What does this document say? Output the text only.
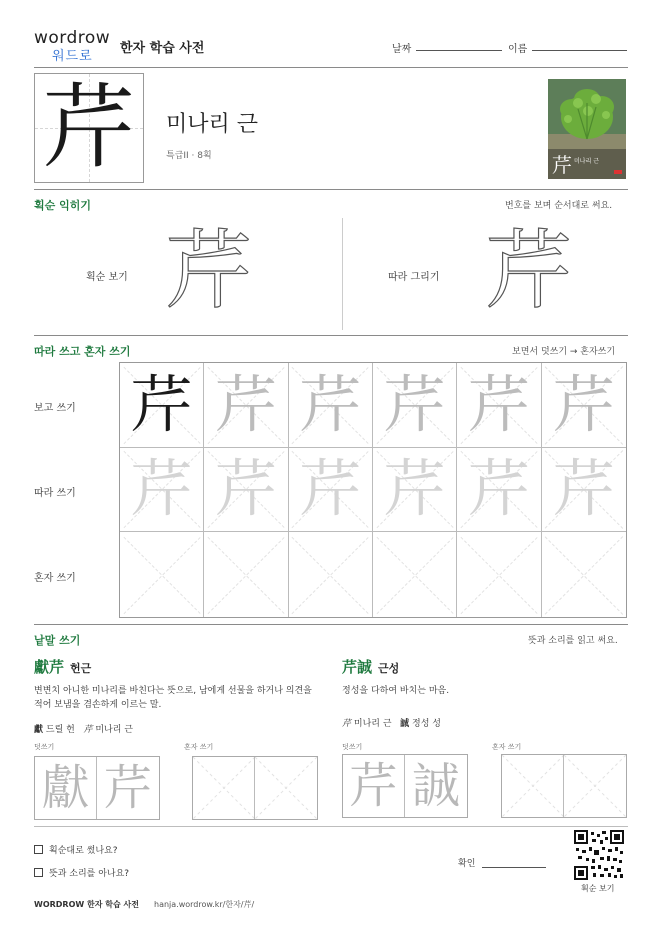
wordrow
워드로
한자 학습 사전	날짜	이름
芹	미나리 근
특급II · 8획	芹 미나리 근
획순 익히기	번호를 보며 순서대로 써요.
획순 보기 芹	따라 그리기 芹
따라 쓰고 혼자 쓰기	보면서 덧쓰기 → 혼자쓰기
보고 쓰기
따라 쓰기
혼자 쓰기
芹 芹 芹 芹 芹 芹
芹 芹 芹 芹 芹 芹
낱말 쓰기	뜻과 소리를 읽고 써요.
獻芹 헌근
변변치 아니한 미나리를 바친다는 뜻으로, 남에게 선물을 하거나 의견을 적어 보냄을 겸손하게 이르는 말.
獻 드릴 헌 芹 미나리 근
덧쓰기	혼자 쓰기
獻 芹
芹誠 근성
정성을 다하여 바치는 마음.
芹 미나리 근 誠 정성 성
덧쓰기	혼자 쓰기
芹 誠
획순대로 썼나요?
뜻과 소리를 아나요?
확인
획순 보기
WORDROW 한자 학습 사전 hanja.wordrow.kr/한자/芹/
